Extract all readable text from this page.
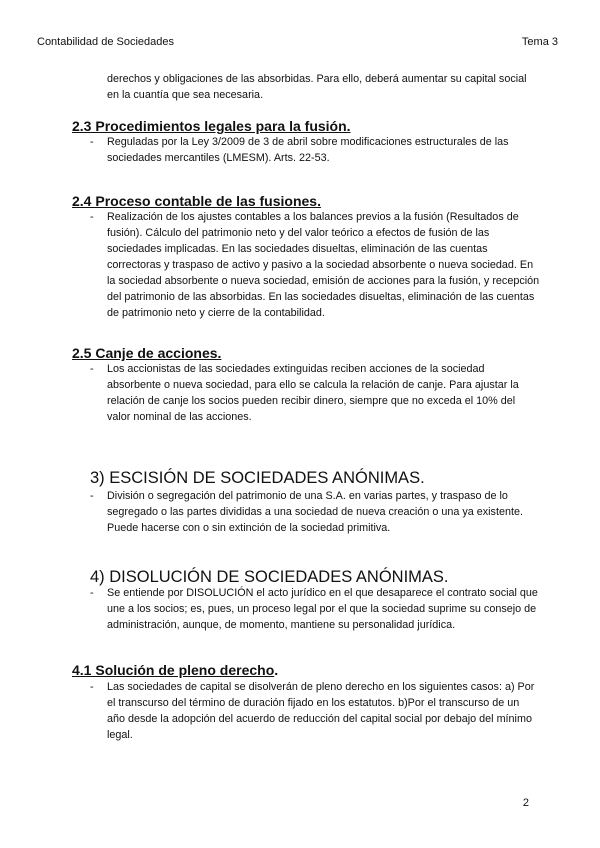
Contabilidad de Sociedades	Tema 3
derechos y obligaciones de las absorbidas. Para ello, deberá aumentar su capital social en la cuantía que sea necesaria.
2.3 Procedimientos legales para la fusión.
- Reguladas por la Ley 3/2009 de 3 de abril sobre modificaciones estructurales de las sociedades mercantiles (LMESM). Arts. 22-53.
2.4 Proceso contable de las fusiones.
- Realización de los ajustes contables a los balances previos a la fusión (Resultados de fusión). Cálculo del patrimonio neto y del valor teórico a efectos de fusión de las sociedades implicadas. En las sociedades disueltas, eliminación de las cuentas correctoras y traspaso de activo y pasivo a la sociedad absorbente o nueva sociedad. En la sociedad absorbente o nueva sociedad, emisión de acciones para la fusión, y recepción del patrimonio de las absorbidas. En las sociedades disueltas, eliminación de las cuentas de patrimonio neto y cierre de la contabilidad.
2.5 Canje de acciones.
- Los accionistas de las sociedades extinguidas reciben acciones de la sociedad absorbente o nueva sociedad, para ello se calcula la relación de canje. Para ajustar la relación de canje los socios pueden recibir dinero, siempre que no exceda el 10% del valor nominal de las acciones.
3) ESCISIÓN DE SOCIEDADES ANÓNIMAS.
- División o segregación del patrimonio de una S.A. en varias partes, y traspaso de lo segregado o las partes divididas a una sociedad de nueva creación o una ya existente. Puede hacerse con o sin extinción de la sociedad primitiva.
4) DISOLUCIÓN DE SOCIEDADES ANÓNIMAS.
- Se entiende por DISOLUCIÓN el acto jurídico en el que desaparece el contrato social que une a los socios; es, pues, un proceso legal por el que la sociedad suprime su consejo de administración, aunque, de momento, mantiene su personalidad jurídica.
4.1 Solución de pleno derecho.
- Las sociedades de capital se disolverán de pleno derecho en los siguientes casos: a) Por el transcurso del término de duración fijado en los estatutos. b)Por el transcurso de un año desde la adopción del acuerdo de reducción del capital social por debajo del mínimo legal.
2
